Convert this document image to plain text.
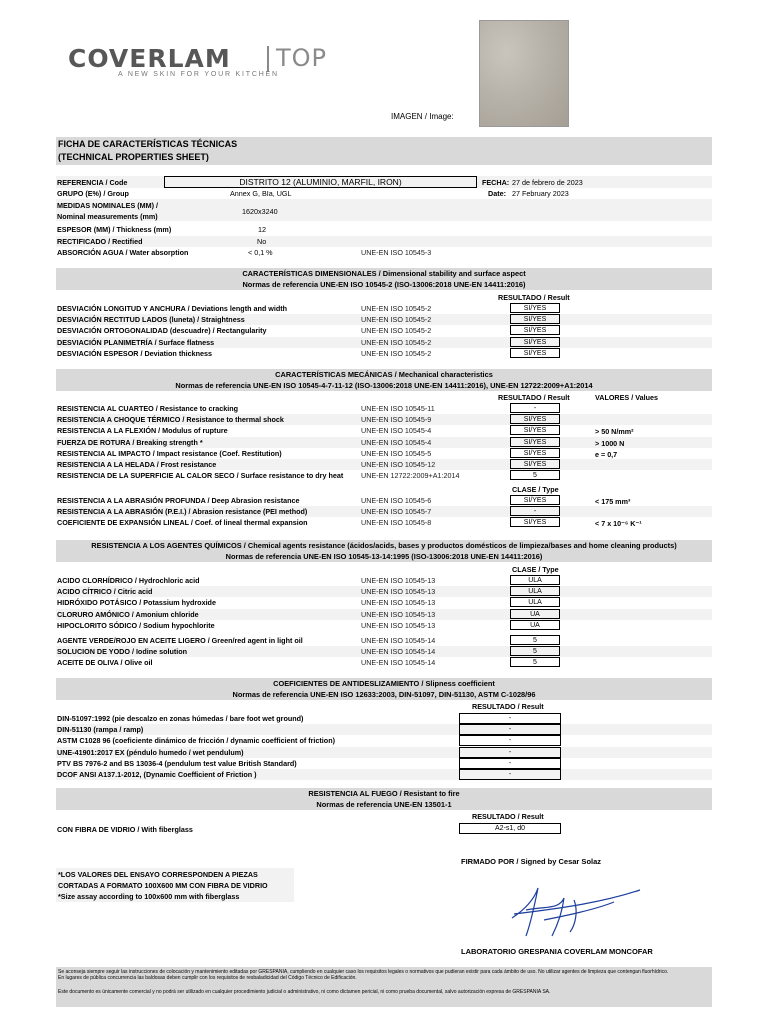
COVERLAM TOP
A NEW SKIN FOR YOUR KITCHEN
IMAGEN / Image:
FICHA DE CARACTERÍSTICAS TÉCNICAS
(TECHNICAL PROPERTIES SHEET)
REFERENCIA / Code	DISTRITO 12 (ALUMINIO, MARFIL, IRON)
GRUPO (E%) / Group	Annex G, BIa, UGL
MEDIDAS NOMINALES (MM) /
Nominal measurements (mm)
1620x3240
ESPESOR (MM) / Thickness (mm)	12
RECTIFICADO / Rectified	No
ABSORCIÓN AGUA / Water absorption	< 0,1 %	UNE-EN ISO 10545-3
FECHA: 27 de febrero de 2023
Date: 27 February 2023
CARACTERÍSTICAS DIMENSIONALES / Dimensional stability and surface aspect
Normas de referencia UNE-EN ISO 10545-2 (ISO-13006:2018 UNE-EN 14411:2016)
RESULTADO / Result
DESVIACIÓN LONGITUD Y ANCHURA / Deviations length and width	UNE-EN ISO 10545-2	SI/YES
DESVIACIÓN RECTITUD LADOS (luneta) / Straightness	UNE-EN ISO 10545-2	SI/YES
DESVIACIÓN ORTOGONALIDAD (descuadre) / Rectangularity	UNE-EN ISO 10545-2	SI/YES
DESVIACIÓN PLANIMETRÍA / Surface flatness	UNE-EN ISO 10545-2	SI/YES
DESVIACIÓN ESPESOR / Deviation thickness	UNE-EN ISO 10545-2	SI/YES
CARACTERÍSTICAS MECÁNICAS / Mechanical characteristics
Normas de referencia UNE-EN ISO 10545-4-7-11-12 (ISO-13006:2018 UNE-EN 14411:2016), UNE-EN 12722:2009+A1:2014
RESULTADO / Result	VALORES / Values
RESISTENCIA AL CUARTEO / Resistance to cracking	UNE-EN ISO 10545-11	-
RESISTENCIA A CHOQUE TÉRMICO / Resistance to thermal shock	UNE-EN ISO 10545-9	SI/YES
RESISTENCIA A LA FLEXIÓN / Modulus of rupture	UNE-EN ISO 10545-4	SI/YES	> 50 N/mm²
FUERZA DE ROTURA / Breaking strength *	UNE-EN ISO 10545-4	SI/YES	> 1000 N
RESISTENCIA AL IMPACTO / Impact resistance (Coef. Restitution)	UNE-EN ISO 10545-5	SI/YES	e = 0,7
RESISTENCIA A LA HELADA / Frost resistance	UNE-EN ISO 10545-12	SI/YES
RESISTENCIA DE LA SUPERFICIE AL CALOR SECO / Surface resistance to dry heat UNE-EN 12722:2009+A1:2014	5
CLASE / Type
RESISTENCIA A LA ABRASIÓN PROFUNDA / Deep Abrasion resistance	UNE-EN ISO 10545-6	SI/YES	< 175 mm³
RESISTENCIA A LA ABRASIÓN (P.E.I.) / Abrasion resistance (PEI method)	UNE-EN ISO 10545-7	-
COEFICIENTE DE EXPANSIÓN LINEAL / Coef. of lineal thermal expansion	UNE-EN ISO 10545-8	SI/YES	< 7 x 10⁻⁶ K⁻¹
RESISTENCIA A LOS AGENTES QUÍMICOS / Chemical agents resistance (ácidos/acids, bases y productos domésticos de limpieza/bases and home cleaning products)
Normas de referencia UNE-EN ISO 10545-13-14:1995 (ISO-13006:2018 UNE-EN 14411:2016)
CLASE / Type
ACIDO CLORHÍDRICO / Hydrochloric acid	UNE-EN ISO 10545-13	ULA
ACIDO CÍTRICO / Citric acid	UNE-EN ISO 10545-13	ULA
HIDRÓXIDO POTÁSICO / Potassium hydroxide	UNE-EN ISO 10545-13	ULA
CLORURO AMÓNICO / Amonium chloride	UNE-EN ISO 10545-13	UA
HIPOCLORITO SÓDICO / Sodium hypochlorite	UNE-EN ISO 10545-13	UA
AGENTE VERDE/ROJO EN ACEITE LIGERO / Green/red agent in light oil	UNE-EN ISO 10545-14	5
SOLUCION DE YODO / Iodine solution	UNE-EN ISO 10545-14	5
ACEITE DE OLIVA / Olive oil	UNE-EN ISO 10545-14	5
COEFICIENTES DE ANTIDESLIZAMIENTO / Slipness coefficient
Normas de referencia UNE-EN ISO 12633:2003, DIN-51097, DIN-51130, ASTM C-1028/96
RESULTADO / Result
DIN-51097:1992 (pie descalzo en zonas húmedas / bare foot wet ground)	-
DIN-51130 (rampa / ramp)	-
ASTM C1028 96 (coeficiente dinámico de fricción / dynamic coefficient of friction)	-
UNE-41901:2017 EX (péndulo humedo / wet pendulum)	-
PTV BS 7976-2 and BS 13036-4 (pendulum test value British Standard)	-
DCOF ANSI A137.1-2012, (Dynamic Coefficient of Friction )	-
RESISTENCIA AL FUEGO / Resistant to fire
Normas de referencia UNE-EN 13501-1
RESULTADO / Result
CON FIBRA DE VIDRIO / With fiberglass	A2-s1, d0
FIRMADO POR / Signed by Cesar Solaz
*LOS VALORES DEL ENSAYO CORRESPONDEN A PIEZAS
CORTADAS A FORMATO 100X600 MM CON FIBRA DE VIDRIO
*Size assay according to 100x600 mm with fiberglass
LABORATORIO GRESPANIA COVERLAM MONCOFAR
Se aconseja siempre seguir las instrucciones de colocación y mantenimiento editadas por GRESPANIA, cumpliendo en cualquier caso los requisitos legales o normativos que pudieran existir para cada ámbito de uso. No utilizar agentes de limpieza que contengan fluorhídrico.
En lugares de pública concurrencia las baldosas deben cumplir con los requisitos de resbaladicidad del Código Técnico de Edificación.
Este documento es únicamente comercial y no podrá ser utilizado en cualquier procedimiento judicial o administrativo, ni como dictamen pericial, ni como prueba documental, salvo autorización expresa de GRESPANIA SA.
